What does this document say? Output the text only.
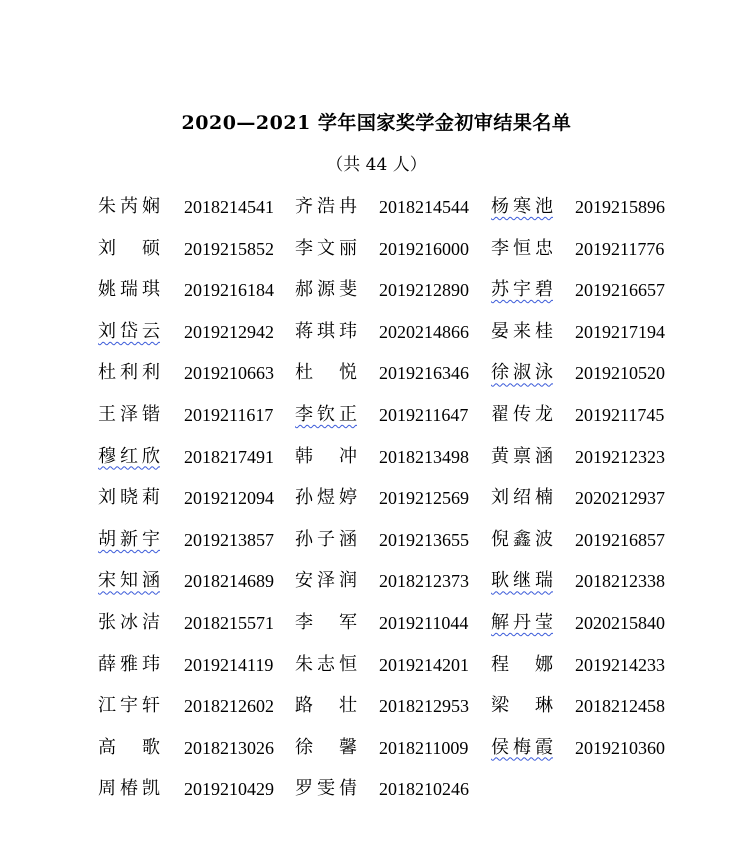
2020—2021 学年国家奖学金初审结果名单
（共 44 人）
朱芮娴 2018214541 齐浩冉 2018214544 杨寒池 2019215896
刘　硕 2019215852 李文丽 2019216000 李恒忠 2019211776
姚瑞琪 2019216184 郝源斐 2019212890 苏宇碧 2019216657
刘岱云 2019212942 蒋琪玮 2020214866 晏来桂 2019217194
杜利利 2019210663 杜　悦 2019216346 徐淑泳 2019210520
王泽锴 2019211617 李钦正 2019211647 翟传龙 2019211745
穆红欣 2018217491 韩　冲 2018213498 黄禀涵 2019212323
刘晓莉 2019212094 孙煜婷 2019212569 刘绍楠 2020212937
胡新宇 2019213857 孙子涵 2019213655 倪鑫波 2019216857
宋知涵 2018214689 安泽润 2018212373 耿继瑞 2018212338
张冰洁 2018215571 李　军 2019211044 解丹莹 2020215840
薛雅玮 2019214119 朱志恒 2019214201 程　娜 2019214233
江宇轩 2018212602 路　壮 2018212953 梁　琳 2018212458
高　歌 2018213026 徐　馨 2018211009 侯梅霞 2019210360
周椿凯 2019210429 罗雯倩 2018210246
